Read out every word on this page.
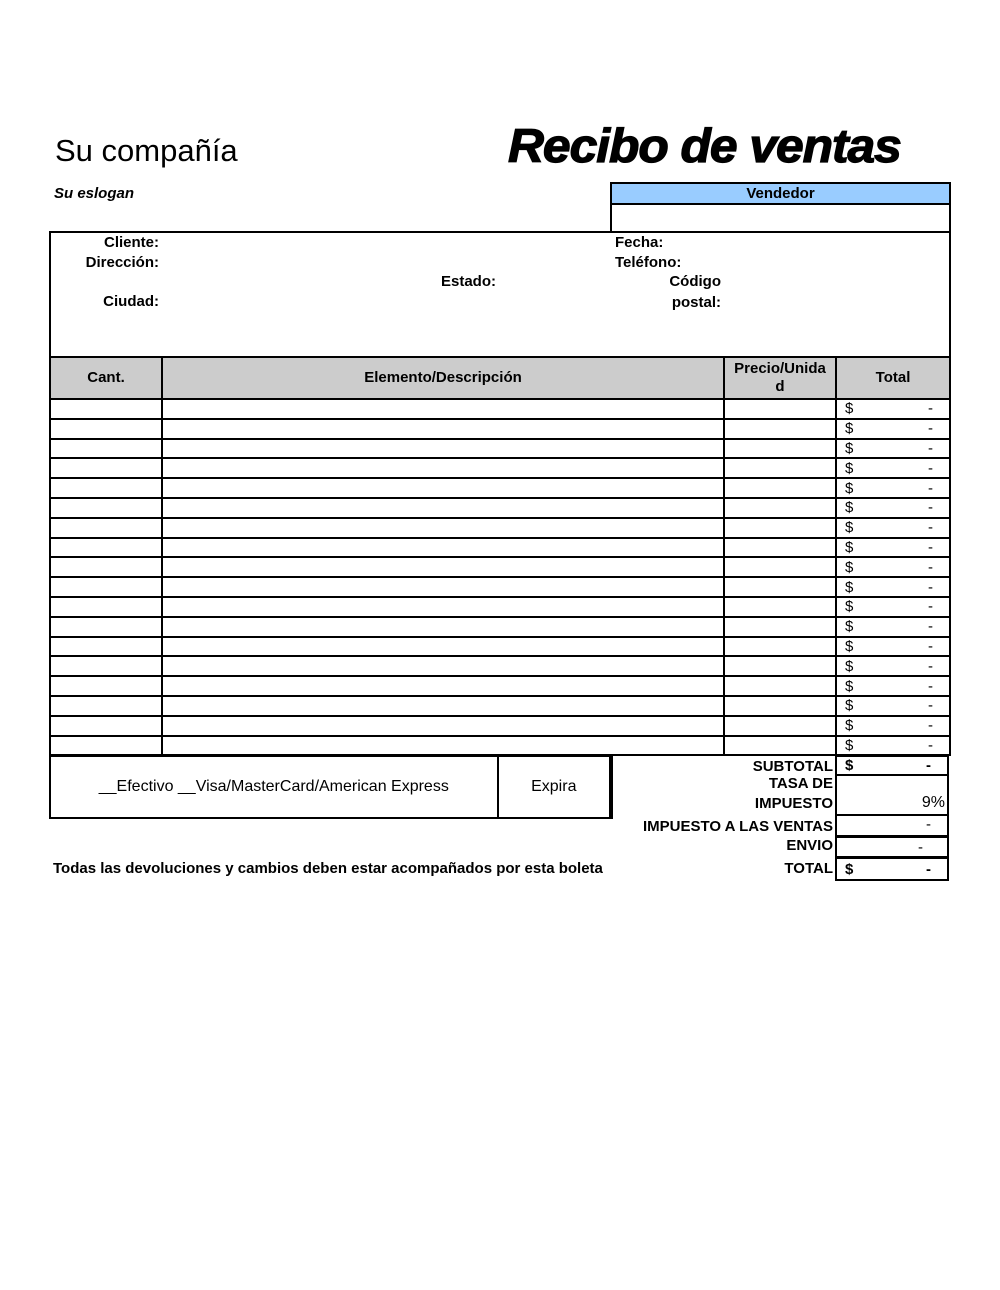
Su compañía	Recibo de ventas
Su eslogan	Vendedor
Cliente:
Dirección:
Ciudad:
Estado:
Fecha:
Teléfono:
Código
postal:
Cant.	Elemento/Descripción	Precio/Unida
d	Total

			$ -

			$ -

			$ -

			$ -

			$ -

			$ -

			$ -

			$ -

			$ -

			$ -

			$ -

			$ -

			$ -

			$ -

			$ -

			$ -

			$ -

			$ -
__Efectivo __Visa/MasterCard/American Express	Expira
SUBTOTAL $	-
TASA DE
IMPUESTO	9%
IMPUESTO A LAS VENTAS	-
ENVIO	-
TOTAL $	-
Todas las devoluciones y cambios deben estar acompañados por esta boleta
